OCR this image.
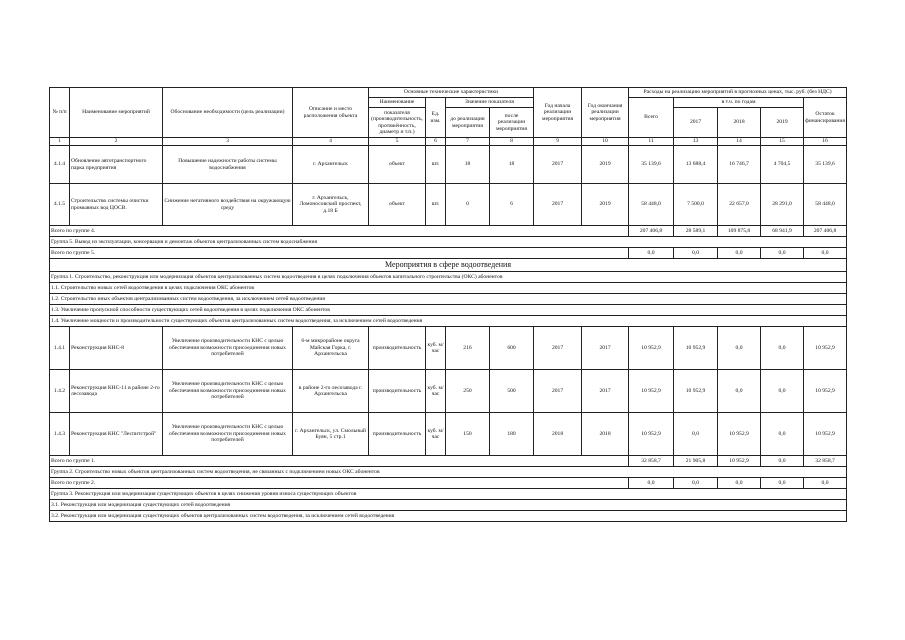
№ п/п	Наименование мероприятий	Обоснование необходимости (цель реализации)	Описание и место расположения объекта	Основные технические характеристики				Год начала реализации мероприятия	Год окончания реализации мероприятия	Расходы на реализацию мероприятий в прогнозных ценах, тыс. руб. (без НДС)				
				Наименование	Ед. изм.	Значение показателя				Всего	в т.ч. по годам			Остаток финансирования
				показателя (производительность, протяжённость, диаметр и т.п.)		до реализации мероприятия	после реализации мероприятия				2017	2018	2019	

1	2	3	4	5	6	7	8	9	10	11	13	14	15	16
4.1.4	Обновление автотранспортного парка предприятия	Повышение надежности работы системы водоснабжения	г. Архангельск	объект	шт.	18	18	2017	2019	35 139,6	13 688,4	16 746,7	4 704,5	35 139,6
4.1.5	Строительство системы очистки промывных вод ЦОСВ.	Снижение негативного воздействия на окружающую среду	г. Архангельск, Ломоносовский проспект, д.18 Б	объект	шт.	0	6	2017	2019	58 448,0	7 500,0	22 657,0	28 291,0	58 448,0
Всего по группе 4.										207 406,8	28 589,1	109 875,8	68 941,9	207 406,8
Группа 5. Вывод из эксплуатации, консервация и демонтаж объектов централизованных систем водоснабжения														
Всего по группе 5.										0,0	0,0	0,0	0,0	0,0
Мероприятия в сфере водоотведения														
Группа 1. Строительство, реконструкция или модернизация объектов централизованных систем водоотведения в целях подключения объектов капитального строительства (ОКС) абонентов														
1.1. Строительство новых сетей водоотведения в целях подключения ОКС абонентов														
1.2. Строительство иных объектов централизованных систем водоотведения, за исключением сетей водоотведения														
1.3. Увеличение пропускной способности существующих сетей водоотведения в целях подключения ОКС абонентов														
1.4. Увеличение мощности и производительности существующих объектов централизованных систем водоотведения, за исключением сетей водоотведения														
1.4.1	Реконструкция КНС-8	Увеличение производительности КНС с целью обеспечения возможности присоединения новых потребителей	6-м микрорайоне округа Майская Горка, г. Архангельска	производительность	куб. м/час	216	600	2017	2017	10 952,9	10 952,9	0,0	0,0	10 952,9
1.4.2	Реконструкция КНС-11 в районе 2-го лесозавода	Увеличение производительности КНС с целью обеспечения возможности присоединения новых потребителей	в районе 2-го лесозавода г. Архангельска	производительность	куб. м/час	250	500	2017	2017	10 952,9	10 952,9	0,0	0,0	10 952,9
1.4.3	Реконструкция КНС "Леспитстрой"	Увеличение производительности КНС с целью обеспечения возможности присоединения новых потребителей	г. Архангельск, ул. Смольный Буян, 5 стр.1	производительность	куб. м/час	150	180	2018	2018	10 952,9	0,0	10 952,9	0,0	10 952,9
Всего по группе 1.										32 858,7	21 905,8	10 952,9	0,0	32 858,7
Группа 2. Строительство новых объектов централизованных систем водоотведения, не связанных с подключением новых ОКС абонентов														
Всего по группе 2.										0,0	0,0	0,0	0,0	0,0
Группа 3. Реконструкция или модернизация существующих объектов в целях снижения уровня износа существующих объектов														
3.1. Реконструкция или модернизация существующих сетей водоотведения														
3.2. Реконструкция или модернизация существующих объектов централизованных систем водоотведения, за исключением сетей водоотведения														
